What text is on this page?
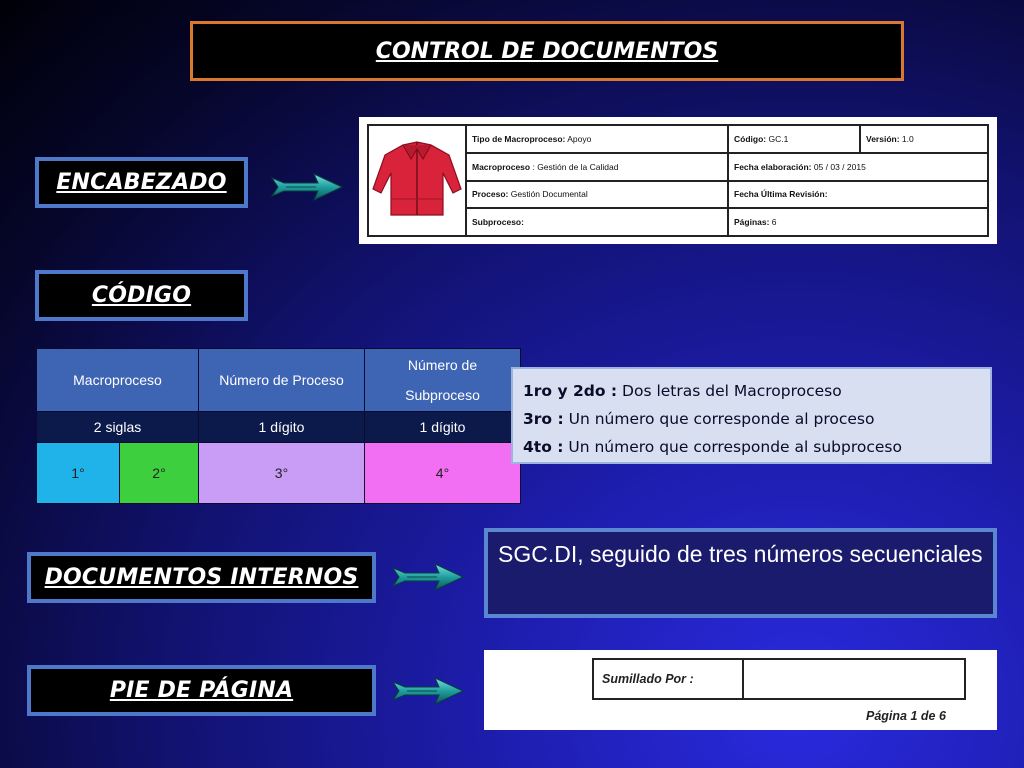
CONTROL DE DOCUMENTOS
ENCABEZADO
	Tipo de Macroproceso: Apoyo	Código: GC.1	Versión: 1.0
	Macroproceso : Gestión de la Calidad	Fecha elaboración: 05 / 03 / 2015	
	Proceso: Gestión Documental	Fecha Última Revisión:	
	Subproceso:	Páginas: 6	
CÓDIGO
Macroproceso		Número de Proceso	Número de Subproceso
2 siglas		1 dígito	1 dígito
1°	2°	3°	4°
1ro y 2do : Dos letras del Macroproceso
3ro : Un número que corresponde al proceso
4to : Un número que corresponde al subproceso
DOCUMENTOS INTERNOS
SGC.DI, seguido de tres números secuenciales
PIE DE PÁGINA	Sumillado Por :
Página 1 de 6
